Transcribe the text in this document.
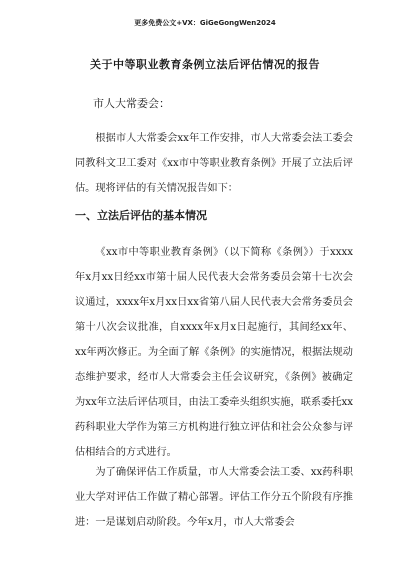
更多免费公文+VX：GiGeGongWen2024
关于中等职业教育条例立法后评估情况的报告
市人大常委会：

根据市人大常委会xx年工作安排，市人大常委会法工委会同教科文卫工委对《xx市中等职业教育条例》开展了立法后评估。现将评估的有关情况报告如下：

一、立法后评估的基本情况

《xx市中等职业教育条例》（以下简称《条例》）于xxxx年x月xx日经xx市第十届人民代表大会常务委员会第十七次会议通过，xxxx年x月xx日xx省第八届人民代表大会常务委员会第十八次会议批准，自xxxx年x月x日起施行，其间经xx年、xx年两次修正。为全面了解《条例》的实施情况，根据法规动态维护要求，经市人大常委会主任会议研究，《条例》被确定为xx年立法后评估项目，由法工委牵头组织实施，联系委托xx药科职业大学作为第三方机构进行独立评估和社会公众参与评估相结合的方式进行。

为了确保评估工作质量，市人大常委会法工委、xx药科职业大学对评估工作做了精心部署。评估工作分五个阶段有序推进：一是谋划启动阶段。今年x月，市人大常委会
